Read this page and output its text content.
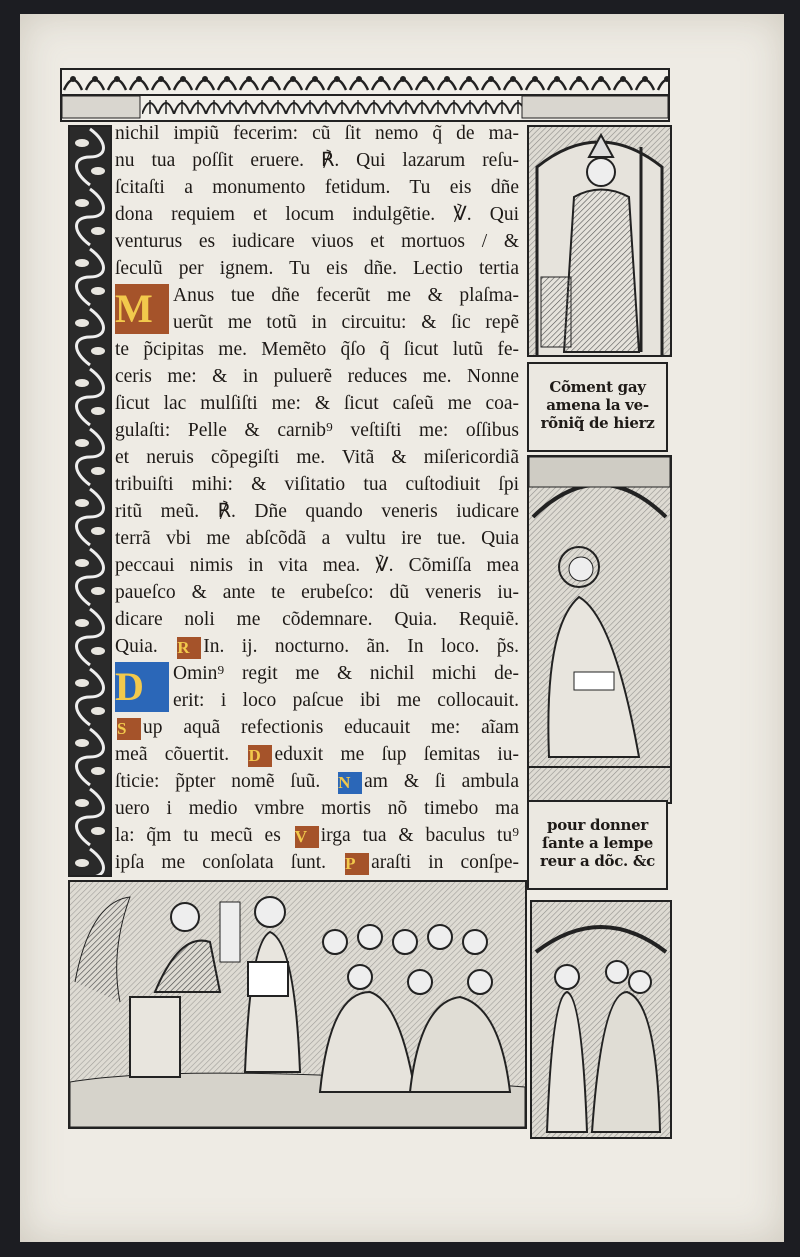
nichil impiũ fecerim: cũ ſit nemo q̃ de ma-
nu tua poſſit eruere. ℟. Qui lazarum reſu-
ſcitaſti a monumento fetidum. Tu eis dñe
dona requiem et locum indulgẽtie. ℣. Qui
venturus es iudicare viuos et mortuos / &
ſeculũ per ignem. Tu eis dñe. Lectio tertia
M	Anus tue dñe fecerũt me & plaſma-
uerũt me totũ in circuitu: & ſic repẽ
te p̃cipitas me. Memẽto q̃ſo q̃ ſicut lutũ fe-
ceris me: & in puluerẽ reduces me. Nonne
ſicut lac mulſiſti me: & ſicut caſeũ me coa-
gulaſti: Pelle & carnib⁹ veſtiſti me: oſſibus
et neruis cõpegiſti me. Vitã & miſericordiã
tribuiſti mihi: & viſitatio tua cuſtodiuit ſpi
ritũ meũ. ℟. Dñe quando veneris iudicare
terrã vbi me abſcõdã a vultu ire tue. Quia
peccaui nimis in vita mea. ℣. Cõmiſſa mea
paueſco & ante te erubeſco: dũ veneris iu-
dicare noli me cõdemnare. Quia. Requiẽ.
Quia. R In. ij. nocturno. ãn. In loco. p̃s.
D	Omin⁹ regit me & nichil michi de-
erit: i loco paſcue ibi me collocauit.
S up aquã refectionis educauit me: aĩam
meã cõuertit. D eduxit me ſup ſemitas iu-
ſticie: p̃pter nomẽ ſuũ. N am & ſi ambula
uero i medio vmbre mortis nõ timebo ma
la: q̃m tu mecũ es V irga tua & baculus tu⁹
ipſa me conſolata ſunt. P araſti in conſpe-
Cõment gay
amena la ve-
rõniq̃ de hierz
pour donner
ſante a lempe
reur a dõc. &c
